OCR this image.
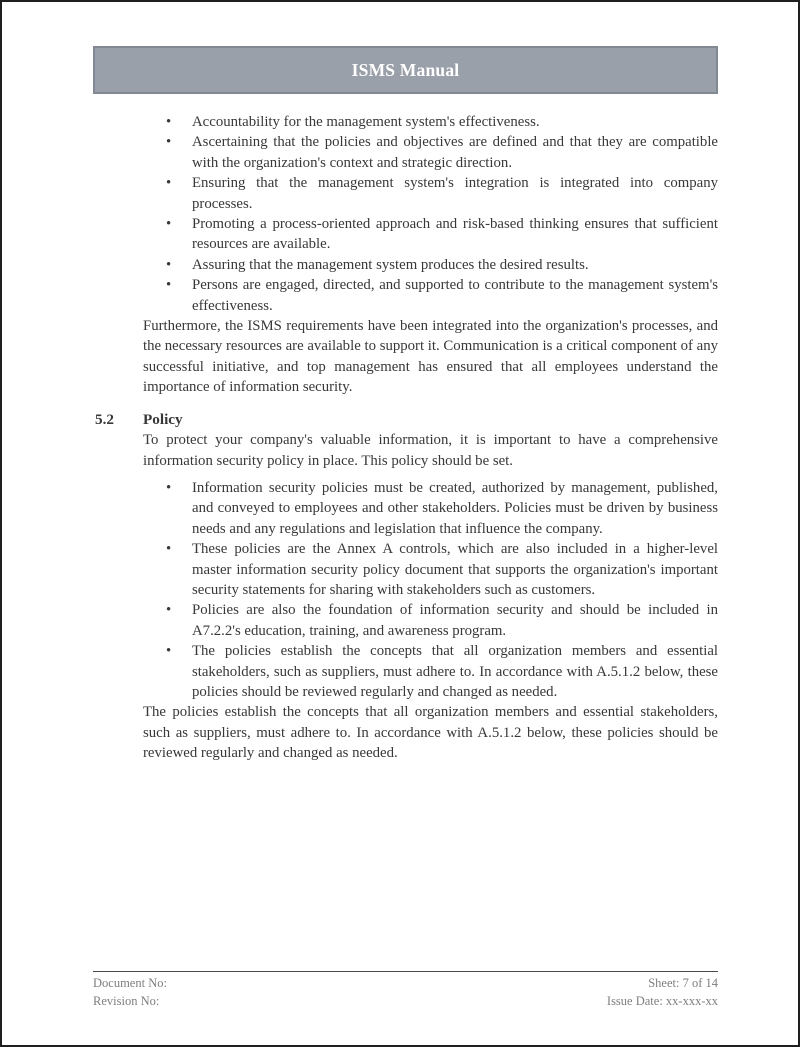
ISMS Manual
• Accountability for the management system's effectiveness.
• Ascertaining that the policies and objectives are defined and that they are compatible with the organization's context and strategic direction.
• Ensuring that the management system's integration is integrated into company processes.
• Promoting a process-oriented approach and risk-based thinking ensures that sufficient resources are available.
• Assuring that the management system produces the desired results.
• Persons are engaged, directed, and supported to contribute to the management system's effectiveness.

Furthermore, the ISMS requirements have been integrated into the organization's processes, and the necessary resources are available to support it. Communication is a critical component of any successful initiative, and top management has ensured that all employees understand the importance of information security.

5.2 Policy

To protect your company's valuable information, it is important to have a comprehensive information security policy in place. This policy should be set.

• Information security policies must be created, authorized by management, published, and conveyed to employees and other stakeholders. Policies must be driven by business needs and any regulations and legislation that influence the company.
• These policies are the Annex A controls, which are also included in a higher-level master information security policy document that supports the organization's important security statements for sharing with stakeholders such as customers.
• Policies are also the foundation of information security and should be included in A7.2.2's education, training, and awareness program.
• The policies establish the concepts that all organization members and essential stakeholders, such as suppliers, must adhere to. In accordance with A.5.1.2 below, these policies should be reviewed regularly and changed as needed.

The policies establish the concepts that all organization members and essential stakeholders, such as suppliers, must adhere to. In accordance with A.5.1.2 below, these policies should be reviewed regularly and changed as needed.

Document No:	Sheet: 7 of 14
Revision No:	Issue Date: xx-xxx-xx
